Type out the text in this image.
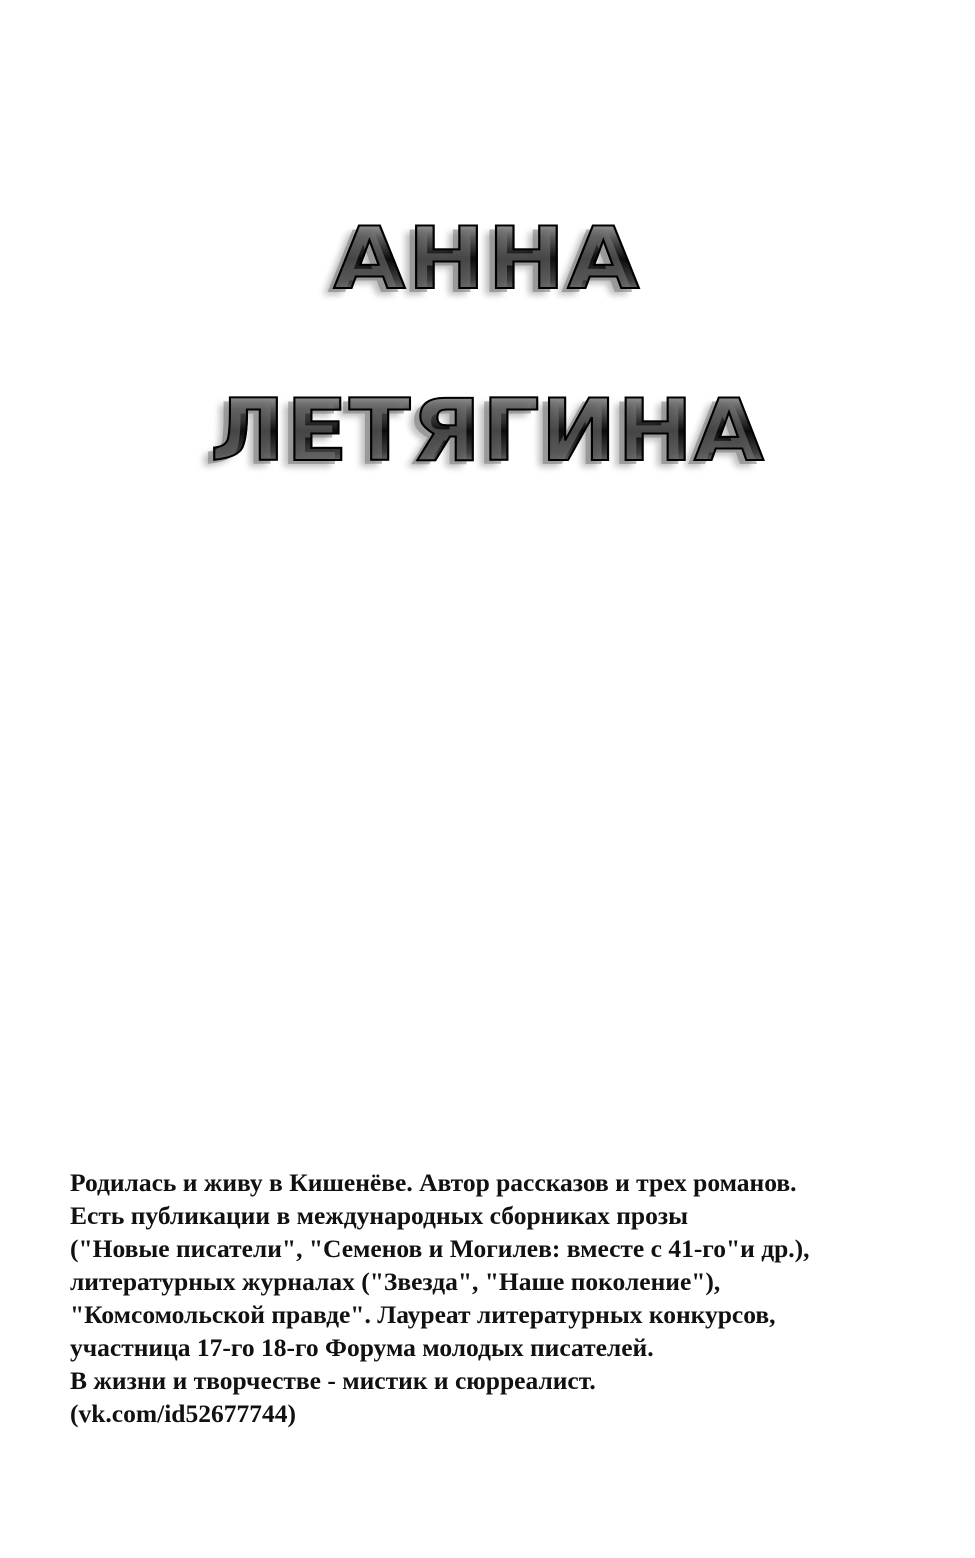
АННА
ЛЕТЯГИНА
Родилась и живу в Кишенёве. Автор рассказов и трех романов.
Есть публикации в международных сборниках прозы
("Новые писатели", "Семенов и Могилев: вместе с 41-го"и др.),
литературных журналах ("Звезда", "Наше поколение"),
"Комсомольской правде". Лауреат литературных конкурсов,
участница 17-го 18-го Форума молодых писателей.
В жизни и творчестве - мистик и сюрреалист.
(vk.com/id52677744)
